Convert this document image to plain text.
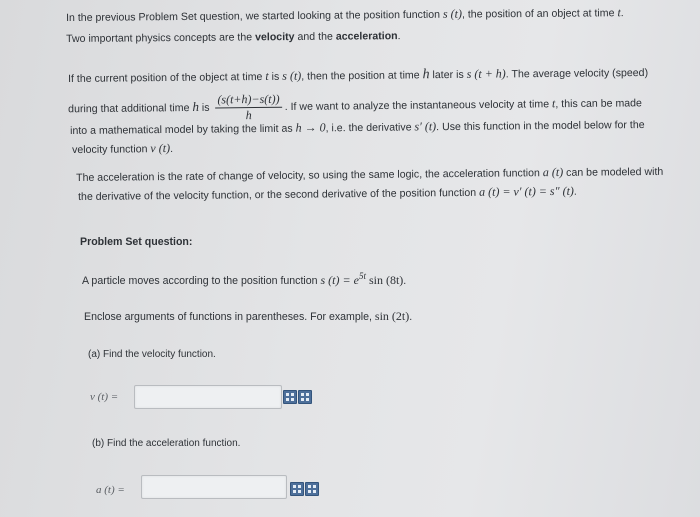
In the previous Problem Set question, we started looking at the position function s (t), the position of an object at time t.
Two important physics concepts are the velocity and the acceleration.
If the current position of the object at time t is s (t), then the position at time h later is s (t + h). The average velocity (speed)
during that additional time h is $\frac{(s(t+h)-s(t))}{h}$ . If we want to analyze the instantaneous velocity at time t, this can be made
into a mathematical model by taking the limit as h → 0, i.e. the derivative s′ (t). Use this function in the model below for the
velocity function v (t).
The acceleration is the rate of change of velocity, so using the same logic, the acceleration function a (t) can be modeled with
the derivative of the velocity function, or the second derivative of the position function a (t) = v′ (t) = s″ (t).
Problem Set question:
A particle moves according to the position function s $(t) = e^{5t}$ sin (8t).
Enclose arguments of functions in parentheses. For example, sin (2t).
(a) Find the velocity function.
v (t) =
(b) Find the acceleration function.
a (t) =
